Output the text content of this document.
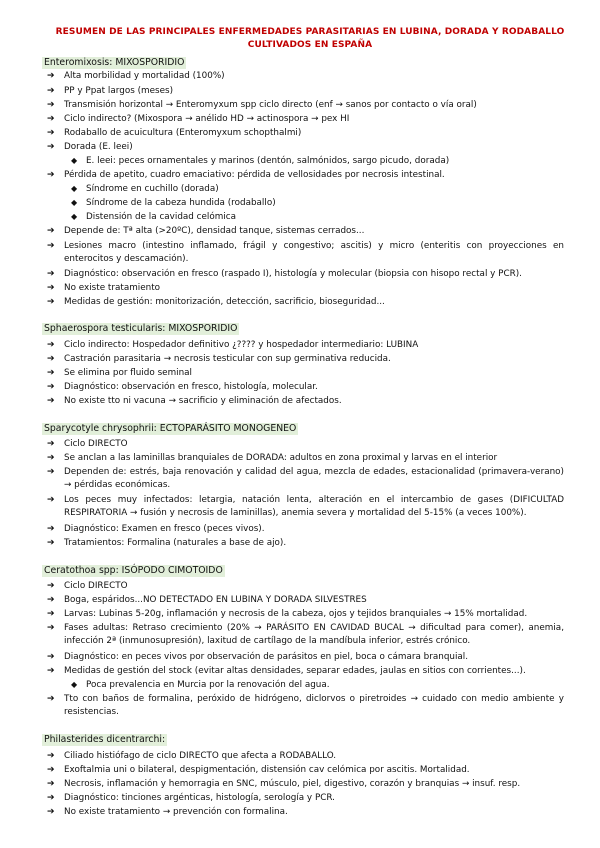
RESUMEN DE LAS PRINCIPALES ENFERMEDADES PARASITARIAS EN LUBINA, DORADA Y RODABALLO CULTIVADOS EN ESPAÑA
Enteromixosis: MIXOSPORIDIO
➔	Alta morbilidad y mortalidad (100%)
➔	PP y Ppat largos (meses)
➔	Transmisión horizontal → Enteromyxum spp ciclo directo (enf → sanos por contacto o vía oral)
➔	Ciclo indirecto? (Mixospora → anélido HD → actinospora → pex HI
➔	Rodaballo de acuicultura (Enteromyxum schopthalmi)
➔	Dorada (E. leei)
◆	E. leei: peces ornamentales y marinos (dentón, salmónidos, sargo picudo, dorada)
➔	Pérdida de apetito, cuadro emaciativo: pérdida de vellosidades por necrosis intestinal.
◆	Síndrome en cuchillo (dorada)
◆	Síndrome de la cabeza hundida (rodaballo)
◆	Distensión de la cavidad celómica
➔	Depende de: Tª alta (>20ºC), densidad tanque, sistemas cerrados...
➔	Lesiones macro (intestino inflamado, frágil y congestivo; ascitis) y micro (enteritis con proyecciones en enterocitos y descamación).
➔	Diagnóstico: observación en fresco (raspado I), histología y molecular (biopsia con hisopo rectal y PCR).
➔	No existe tratamiento
➔	Medidas de gestión: monitorización, detección, sacrificio, bioseguridad...
Sphaerospora testicularis: MIXOSPORIDIO
➔	Ciclo indirecto: Hospedador definitivo ¿???? y hospedador intermediario: LUBINA
➔	Castración parasitaria → necrosis testicular con sup germinativa reducida.
➔	Se elimina por fluido seminal
➔	Diagnóstico: observación en fresco, histología, molecular.
➔	No existe tto ni vacuna → sacrificio y eliminación de afectados.
Sparycotyle chrysophrii: ECTOPARÁSITO MONOGENEO
➔	Ciclo DIRECTO
➔	Se anclan a las laminillas branquiales de DORADA: adultos en zona proximal y larvas en el interior
➔	Dependen de: estrés, baja renovación y calidad del agua, mezcla de edades, estacionalidad (primavera-verano) → pérdidas económicas.
➔	Los peces muy infectados: letargia, natación lenta, alteración en el intercambio de gases (DIFICULTAD RESPIRATORIA → fusión y necrosis de laminillas), anemia severa y mortalidad del 5-15% (a veces 100%).
➔	Diagnóstico: Examen en fresco (peces vivos).
➔	Tratamientos: Formalina (naturales a base de ajo).
Ceratothoa spp: ISÓPODO CIMOTOIDO
➔	Ciclo DIRECTO
➔	Boga, espáridos...NO DETECTADO EN LUBINA Y DORADA SILVESTRES
➔	Larvas: Lubinas 5-20g, inflamación y necrosis de la cabeza, ojos y tejidos branquiales → 15% mortalidad.
➔	Fases adultas: Retraso crecimiento (20% → PARÁSITO EN CAVIDAD BUCAL → dificultad para comer), anemia, infección 2ª (inmunosupresión), laxitud de cartílago de la mandíbula inferior, estrés crónico.
➔	Diagnóstico: en peces vivos por observación de parásitos en piel, boca o cámara branquial.
➔	Medidas de gestión del stock (evitar altas densidades, separar edades, jaulas en sitios con corrientes...).
◆	Poca prevalencia en Murcia por la renovación del agua.
➔	Tto con baños de formalina, peróxido de hidrógeno, diclorvos o piretroides → cuidado con medio ambiente y resistencias.
Philasterides dicentrarchi:
➔	Ciliado histiófago de ciclo DIRECTO que afecta a RODABALLO.
➔	Exoftalmia uni o bilateral, despigmentación, distensión cav celómica por ascitis. Mortalidad.
➔	Necrosis, inflamación y hemorragia en SNC, músculo, piel, digestivo, corazón y branquias → insuf. resp.
➔	Diagnóstico: tinciones argénticas, histología, serología y PCR.
➔	No existe tratamiento → prevención con formalina.
